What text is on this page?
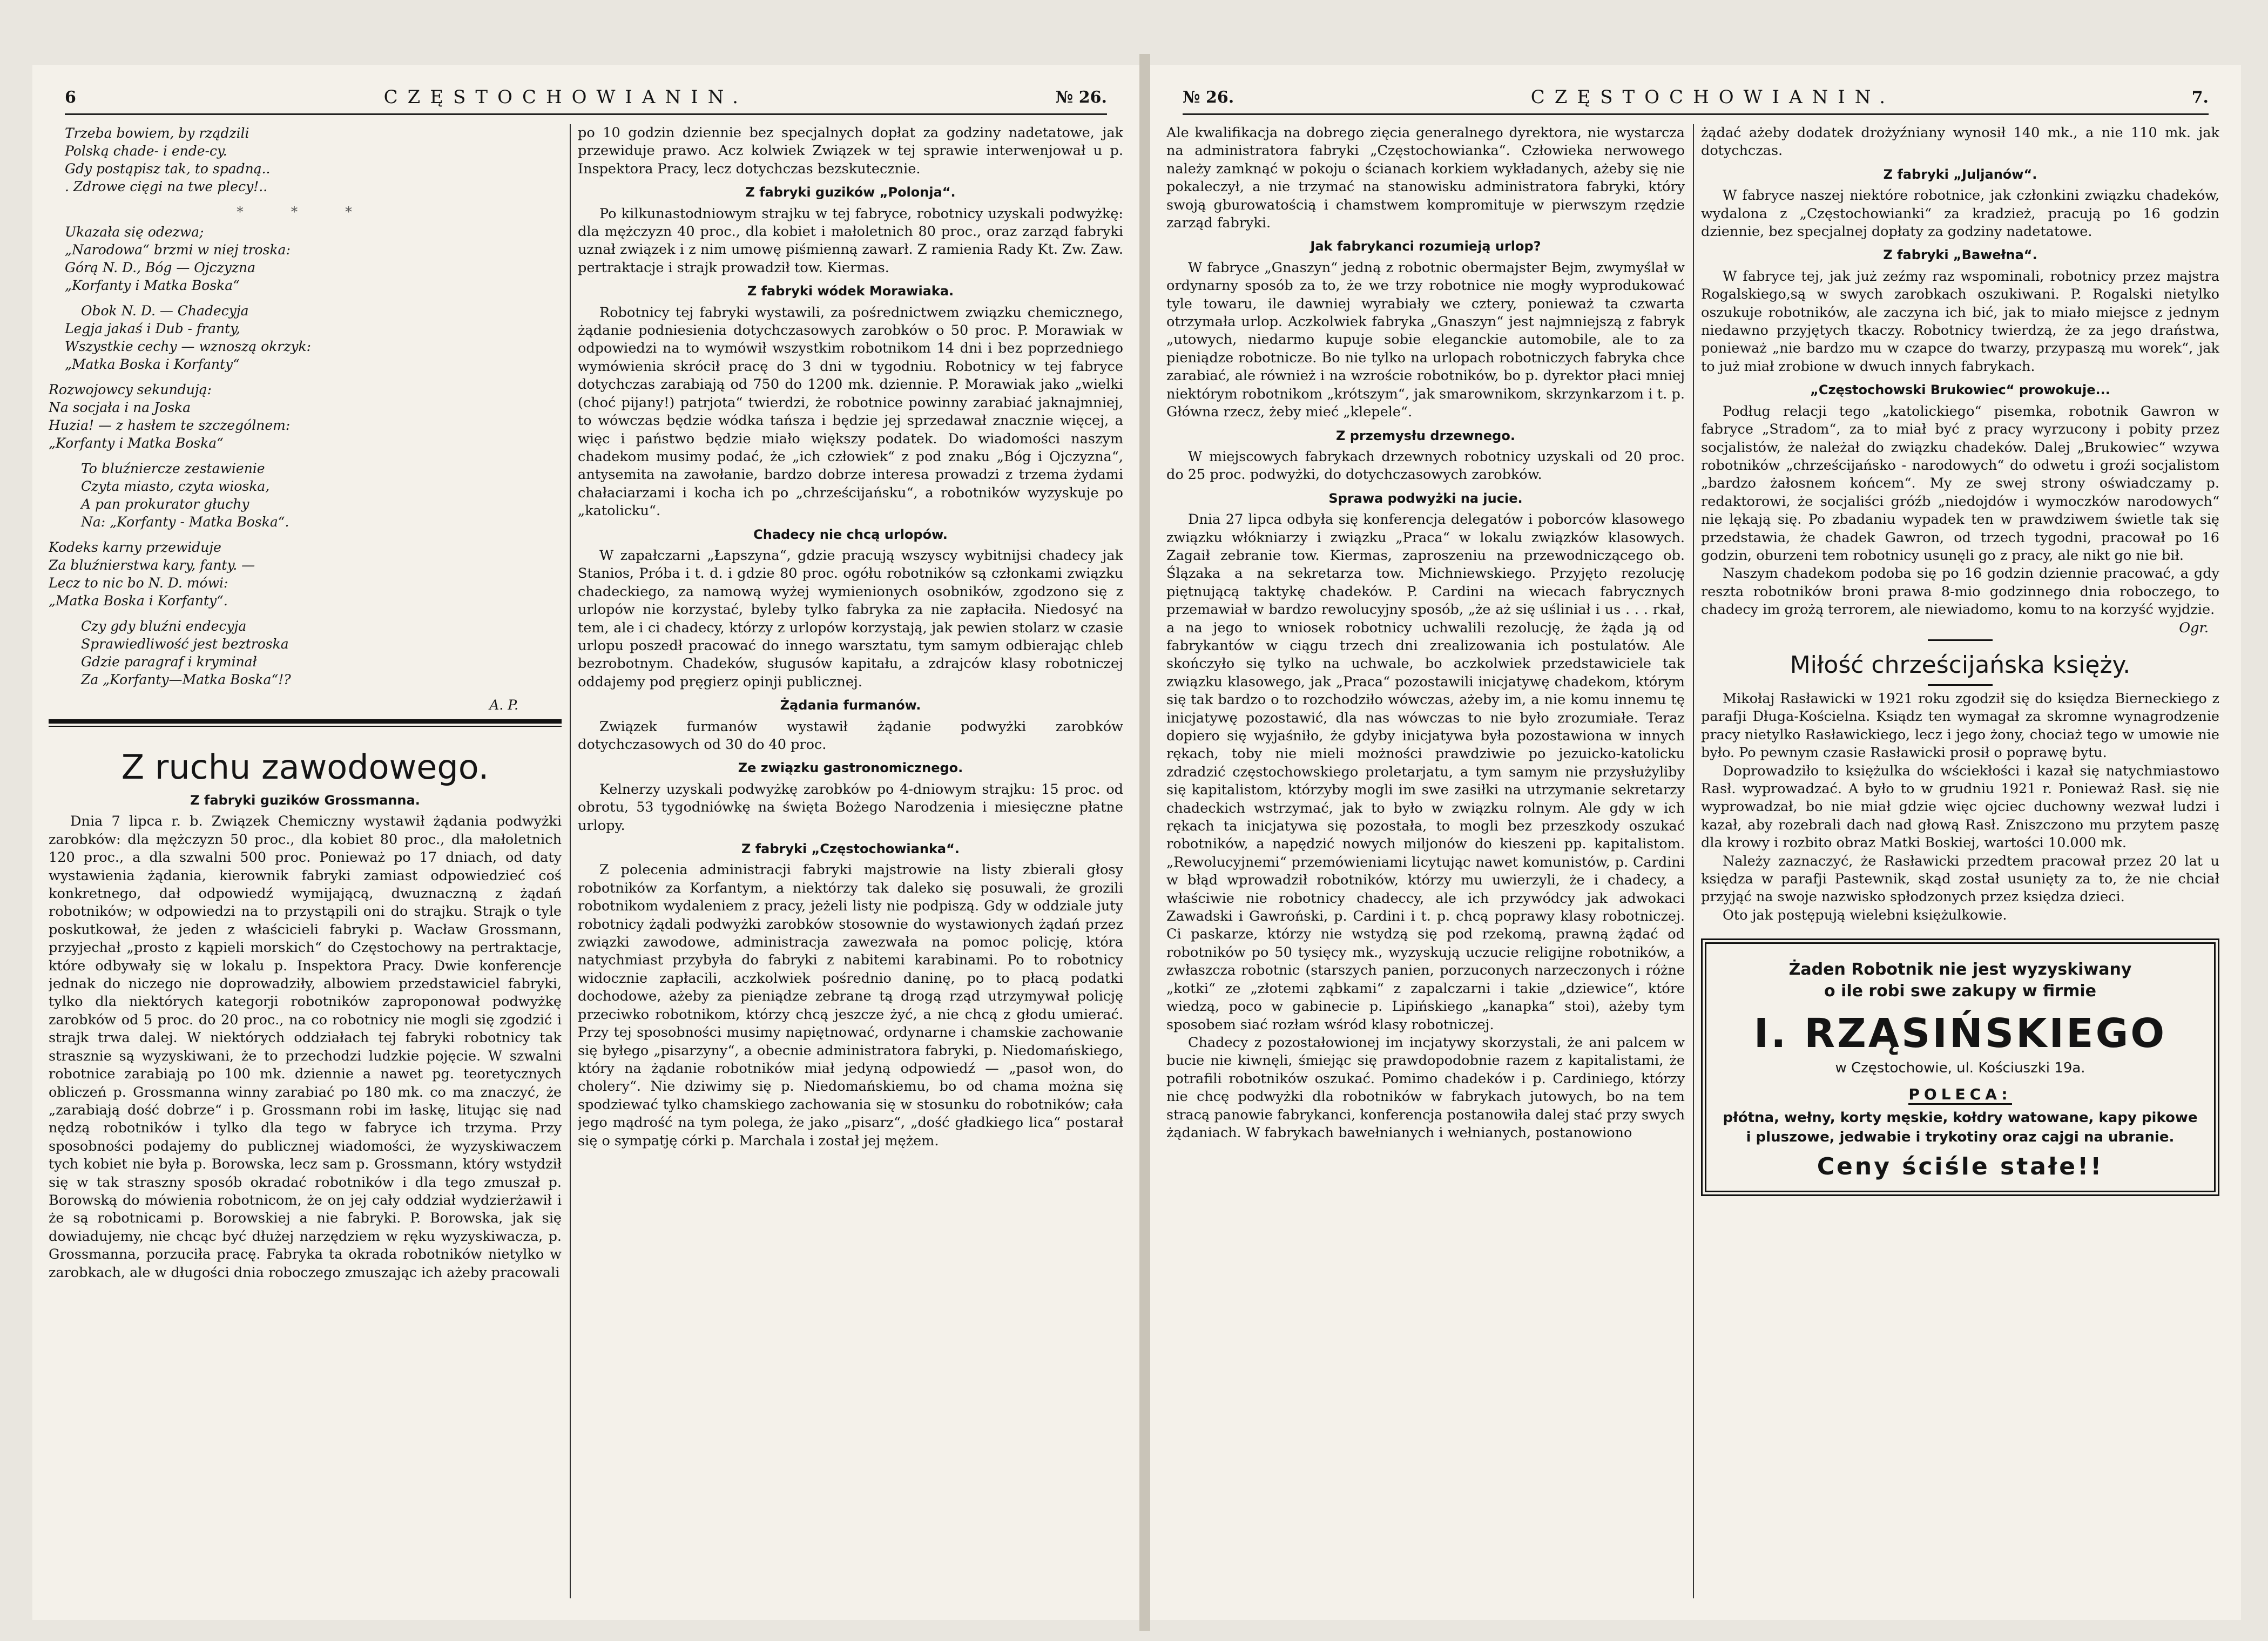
6	CZĘSTOCHOWIANIN.	№ 26.
Trzeba bowiem, by rządzili
Polską chade- i ende-cy.
Gdy postąpisz tak, to spadną..
. Zdrowe cięgi na twe plecy!..
* * *
Ukazała się odezwa;
„Narodowa“ brzmi w niej troska:
Górą N. D., Bóg — Ojczyzna
„Korfanty i Matka Boska“
Obok N. D. — Chadecyja
Legja jakaś i Dub - franty,
Wszystkie cechy — wznoszą okrzyk:
„Matka Boska i Korfanty“
Rozwojowcy sekundują:
Na socjała i na Joska
Huzia! — z hasłem te szczególnem:
„Korfanty i Matka Boska“
To bluźniercze zestawienie
Czyta miasto, czyta wioska,
A pan prokurator głuchy
Na: „Korfanty - Matka Boska“.
Kodeks karny przewiduje
Za bluźnierstwa kary, fanty. —
Lecz to nic bo N. D. mówi:
„Matka Boska i Korfanty“.
Czy gdy bluźni endecyja
Sprawiedliwość jest beztroska
Gdzie paragraf i kryminał
Za „Korfanty—Matka Boska“!?
A. P.
Z ruchu zawodowego.
Z fabryki guzików Grossmanna.

Dnia 7 lipca r. b. Związek Chemiczny wystawił żądania podwyżki zarobków: dla mężczyzn 50 proc., dla kobiet 80 proc., dla małoletnich 120 proc., a dla szwalni 500 proc. Ponieważ po 17 dniach, od daty wystawienia żądania, kierownik fabryki zamiast odpowiedzieć coś konkretnego, dał odpowiedź wymijającą, dwuznaczną z żądań robotników; w odpowiedzi na to przystąpili oni do strajku. Strajk o tyle poskutkował, że jeden z właścicieli fabryki p. Wacław Grossmann, przyjechał „prosto z kąpieli morskich“ do Częstochowy na pertraktacje, które odbywały się w lokalu p. Inspektora Pracy. Dwie konferencje jednak do niczego nie doprowadziły, albowiem przedstawiciel fabryki, tylko dla niektórych kategorji robotników zaproponował podwyżkę zarobków od 5 proc. do 20 proc., na co robotnicy nie mogli się zgodzić i strajk trwa dalej. W niektórych oddziałach tej fabryki robotnicy tak strasznie są wyzyskiwani, że to przechodzi ludzkie pojęcie. W szwalni robotnice zarabiają po 100 mk. dziennie a nawet pg. teoretycznych obliczeń p. Grossmanna winny zarabiać po 180 mk. co ma znaczyć, że „zarabiają dość dobrze“ i p. Grossmann robi im łaskę, litując się nad nędzą robotników i tylko dla tego w fabryce ich trzyma. Przy sposobności podajemy do publicznej wiadomości, że wyzyskiwaczem tych kobiet nie była p. Borowska, lecz sam p. Grossmann, który wstydził się w tak straszny sposób okradać robotników i dla tego zmuszał p. Borowską do mówienia robotnicom, że on jej cały oddział wydzierżawił i że są robotnicami p. Borowskiej a nie fabryki. P. Borowska, jak się dowiadujemy, nie chcąc być dłużej narzędziem w ręku wyzyskiwacza, p. Grossmanna, porzuciła pracę. Fabryka ta okrada robotników nietylko w zarobkach, ale w długości dnia roboczego zmuszając ich ażeby pracowali

po 10 godzin dziennie bez specjalnych dopłat za godziny nadetatowe, jak przewiduje prawo. Acz kolwiek Związek w tej sprawie interwenjował u p. Inspektora Pracy, lecz dotychczas bezskutecznie.

Z fabryki guzików „Polonja“.

Po kilkunastodniowym strajku w tej fabryce, robotnicy uzyskali podwyżkę: dla mężczyzn 40 proc., dla kobiet i małoletnich 80 proc., oraz zarząd fabryki uznał związek i z nim umowę piśmienną zawarł. Z ramienia Rady Kt. Zw. Zaw. pertraktacje i strajk prowadził tow. Kiermas.

Z fabryki wódek Morawiaka.

Robotnicy tej fabryki wystawili, za pośrednictwem związku chemicznego, żądanie podniesienia dotychczasowych zarobków o 50 proc. P. Morawiak w odpowiedzi na to wymówił wszystkim robotnikom 14 dni i bez poprzedniego wymówienia skrócił pracę do 3 dni w tygodniu. Robotnicy w tej fabryce dotychczas zarabiają od 750 do 1200 mk. dziennie. P. Morawiak jako „wielki (choć pijany!) patrjota“ twierdzi, że robotnice powinny zarabiać jaknajmniej, to wówczas będzie wódka tańsza i będzie jej sprzedawał znacznie więcej, a więc i państwo będzie miało większy podatek. Do wiadomości naszym chadekom musimy podać, że „ich człowiek“ z pod znaku „Bóg i Ojczyzna“, antysemita na zawołanie, bardzo dobrze interesa prowadzi z trzema żydami chałaciarzami i kocha ich po „chrześcijańsku“, a robotników wyzyskuje po „katolicku“.

Chadecy nie chcą urlopów.

W zapałczarni „Łapszyna“, gdzie pracują wszyscy wybitnijsi chadecy jak Stanios, Próba i t. d. i gdzie 80 proc. ogółu robotników są członkami związku chadeckiego, za namową wyżej wymienionych osobników, zgodzono się z urlopów nie korzystać, byleby tylko fabryka za nie zapłaciła. Niedosyć na tem, ale i ci chadecy, którzy z urlopów korzystają, jak pewien stolarz w czasie urlopu poszedł pracować do innego warsztatu, tym samym odbierając chleb bezrobotnym. Chadeków, sługusów kapitału, a zdrajców klasy robotniczej oddajemy pod pręgierz opinji publicznej.

Żądania furmanów.

Związek furmanów wystawił żądanie podwyżki zarobków dotychczasowych od 30 do 40 proc.

Ze związku gastronomicznego.

Kelnerzy uzyskali podwyżkę zarobków po 4-dniowym strajku: 15 proc. od obrotu, 53 tygodniówkę na święta Bożego Narodzenia i miesięczne płatne urlopy.

Z fabryki „Częstochowianka“.

Z polecenia administracji fabryki majstrowie na listy zbierali głosy robotników za Korfantym, a niektórzy tak daleko się posuwali, że grozili robotnikom wydaleniem z pracy, jeżeli listy nie podpiszą. Gdy w oddziale juty robotnicy żądali podwyżki zarobków stosownie do wystawionych żądań przez związki zawodowe, administracja zawezwała na pomoc policję, która natychmiast przybyła do fabryki z nabitemi karabinami. Po to robotnicy widocznie zapłacili, aczkolwiek pośrednio daninę, po to płacą podatki dochodowe, ażeby za pieniądze zebrane tą drogą rząd utrzymywał policję przeciwko robotnikom, którzy chcą jeszcze żyć, a nie chcą z głodu umierać. Przy tej sposobności musimy napiętnować, ordynarne i chamskie zachowanie się byłego „pisarzyny“, a obecnie administratora fabryki, p. Niedomańskiego, który na żądanie robotników miał jedyną odpowiedź — „pasoł won, do cholery“. Nie dziwimy się p. Niedomańskiemu, bo od chama można się spodziewać tylko chamskiego zachowania się w stosunku do robotników; cała jego mądrość na tym polega, że jako „pisarz“, „dość gładkiego lica“ postarał się o sympatję córki p. Marchala i został jej mężem.

№ 26.	CZĘSTOCHOWIANIN.	7.

Ale kwalifikacja na dobrego zięcia generalnego dyrektora, nie wystarcza na administratora fabryki „Częstochowianka“. Człowieka nerwowego należy zamknąć w pokoju o ścianach korkiem wykładanych, ażeby się nie pokaleczył, a nie trzymać na stanowisku administratora fabryki, który swoją gburowatością i chamstwem kompromituje w pierwszym rzędzie zarząd fabryki.

Jak fabrykanci rozumieją urlop?

W fabryce „Gnaszyn“ jedną z robotnic obermajster Bejm, zwymyślał w ordynarny sposób za to, że we trzy robotnice nie mogły wyprodukować tyle towaru, ile dawniej wyrabiały we cztery, ponieważ ta czwarta otrzymała urlop. Aczkolwiek fabryka „Gnaszyn“ jest najmniejszą z fabryk „utowych, niedarmo kupuje sobie eleganckie automobile, ale to za pieniądze robotnicze. Bo nie tylko na urlopach robotniczych fabryka chce zarabiać, ale również i na wzroście robotników, bo p. dyrektor płaci mniej niektórym robotnikom „krótszym“, jak smarownikom, skrzynkarzom i t. p. Główna rzecz, żeby mieć „klepele“.

Z przemysłu drzewnego.

W miejscowych fabrykach drzewnych robotnicy uzyskali od 20 proc. do 25 proc. podwyżki, do dotychczasowych zarobków.

Sprawa podwyżki na jucie.

Dnia 27 lipca odbyła się konferencja delegatów i poborców klasowego związku włókniarzy i związku „Praca“ w lokalu związków klasowych. Zagaił zebranie tow. Kiermas, zaproszeniu na przewodniczącego ob. Ślązaka a na sekretarza tow. Michniewskiego. Przyjęto rezolucję piętnującą taktykę chadeków. P. Cardini na wiecach fabrycznych przemawiał w bardzo rewolucyjny sposób, „że aż się uśliniał i us . . . rkał, a na jego to wniosek robotnicy uchwalili rezolucję, że żąda ją od fabrykantów w ciągu trzech dni zrealizowania ich postulatów. Ale skończyło się tylko na uchwale, bo aczkolwiek przedstawiciele tak związku klasowego, jak „Praca“ pozostawili inicjatywę chadekom, którym się tak bardzo o to rozchodziło wówczas, ażeby im, a nie komu innemu tę inicjatywę pozostawić, dla nas wówczas to nie było zrozumiałe. Teraz dopiero się wyjaśniło, że gdyby inicjatywa była pozostawiona w innych rękach, toby nie mieli możności prawdziwie po jezuicko-katolicku zdradzić częstochowskiego proletarjatu, a tym samym nie przysłużyliby się kapitalistom, którzyby mogli im swe zasiłki na utrzymanie sekretarzy chadeckich wstrzymać, jak to było w związku rolnym. Ale gdy w ich rękach ta inicjatywa się pozostała, to mogli bez przeszkody oszukać robotników, a napędzić nowych miljonów do kieszeni pp. kapitalistom. „Rewolucyjnemi“ przemówieniami licytując nawet komunistów, p. Cardini w błąd wprowadził robotników, którzy mu uwierzyli, że i chadecy, a właściwie nie robotnicy chadeccy, ale ich przywódcy jak adwokaci Zawadski i Gawroński, p. Cardini i t. p. chcą poprawy klasy robotniczej. Ci paskarze, którzy nie wstydzą się pod rzekomą, prawną żądać od robotników po 50 tysięcy mk., wyzyskują uczucie religijne robotników, a zwłaszcza robotnic (starszych panien, porzuconych narzeczonych i różne „kotki“ ze „złotemi ząbkami“ z zapalczarni i takie „dziewice“, które wiedzą, poco w gabinecie p. Lipińskiego „kanapka“ stoi), ażeby tym sposobem siać rozłam wśród klasy robotniczej.

Chadecy z pozostałowionej im incjatywy skorzystali, że ani palcem w bucie nie kiwnęli, śmiejąc się prawdopodobnie razem z kapitalistami, że potrafili robotników oszukać. Pomimo chadeków i p. Cardiniego, którzy nie chcę podwyżki dla robotników w fabrykach jutowych, bo na tem stracą panowie fabrykanci, konferencja postanowiła dalej stać przy swych żądaniach. W fabrykach bawełnianych i wełnianych, postanowiono

żądać ażeby dodatek drożyźniany wynosił 140 mk., a nie 110 mk. jak dotychczas.

Z fabryki „Juljanów“.

W fabryce naszej niektóre robotnice, jak członkini związku chadeków, wydalona z „Częstochowianki“ za kradzież, pracują po 16 godzin dziennie, bez specjalnej dopłaty za godziny nadetatowe.

Z fabryki „Bawełna“.

W fabryce tej, jak już zeźmy raz wspominali, robotnicy przez majstra Rogalskiego,są w swych zarobkach oszukiwani. P. Rogalski nietylko oszukuje robotników, ale zaczyna ich bić, jak to miało miejsce z jednym niedawno przyjętych tkaczy. Robotnicy twierdzą, że za jego draństwa, ponieważ „nie bardzo mu w czapce do twarzy, przypaszą mu worek“, jak to już miał zrobione w dwuch innych fabrykach.

„Częstochowski Brukowiec“ prowokuje...

Podług relacji tego „katolickiego“ pisemka, robotnik Gawron w fabryce „Stradom“, za to miał być z pracy wyrzucony i pobity przez socjalistów, że należał do związku chadeków. Dalej „Brukowiec“ wzywa robotników „chrześcijańsko - narodowych“ do odwetu i groźi socjalistom „bardzo żałosnem końcem“. My ze swej strony oświadczamy p. redaktorowi, że socjaliści gróźb „niedojdów i wymoczków narodowych“ nie lękają się. Po zbadaniu wypadek ten w prawdziwem świetle tak się przedstawia, że chadek Gawron, od trzech tygodni, pracował po 16 godzin, oburzeni tem robotnicy usunęli go z pracy, ale nikt go nie bił.

Naszym chadekom podoba się po 16 godzin dziennie pracować, a gdy reszta robotników broni prawa 8-mio godzinnego dnia roboczego, to chadecy im grożą terrorem, ale niewiadomo, komu to na korzyść wyjdzie.

Ogr.
Miłość chrześcijańska księży.

Mikołaj Rasławicki w 1921 roku zgodził się do księdza Bierneckiego z parafji Długa-Kościelna. Ksiądz ten wymagał za skromne wynagrodzenie pracy nietylko Rasławickiego, lecz i jego żony, chociaż tego w umowie nie było. Po pewnym czasie Rasławicki prosił o poprawę bytu.

Doprowadziło to księżulka do wściekłości i kazał się natychmiastowo Rasł. wyprowadzać. A było to w grudniu 1921 r. Ponieważ Rasł. się nie wyprowadzał, bo nie miał gdzie więc ojciec duchowny wezwał ludzi i kazał, aby rozebrali dach nad głową Rasł. Zniszczono mu przytem paszę dla krowy i rozbito obraz Matki Boskiej, wartości 10.000 mk.

Należy zaznaczyć, że Rasławicki przedtem pracował przez 20 lat u księdza w parafji Pastewnik, skąd został usunięty za to, że nie chciał przyjąć na swoje nazwisko spłodzonych przez księdza dzieci.

Oto jak postępują wielebni księżulkowie.

Żaden Robotnik nie jest wyzyskiwany
o ile robi swe zakupy w firmie
I. RZĄSIŃSKIEGO
w Częstochowie, ul. Kościuszki 19a.
POLECA:
płótna, wełny, korty męskie, kołdry watowane, kapy pikowe i pluszowe, jedwabie i trykotiny oraz cajgi na ubranie.
Ceny ściśle stałe!!
